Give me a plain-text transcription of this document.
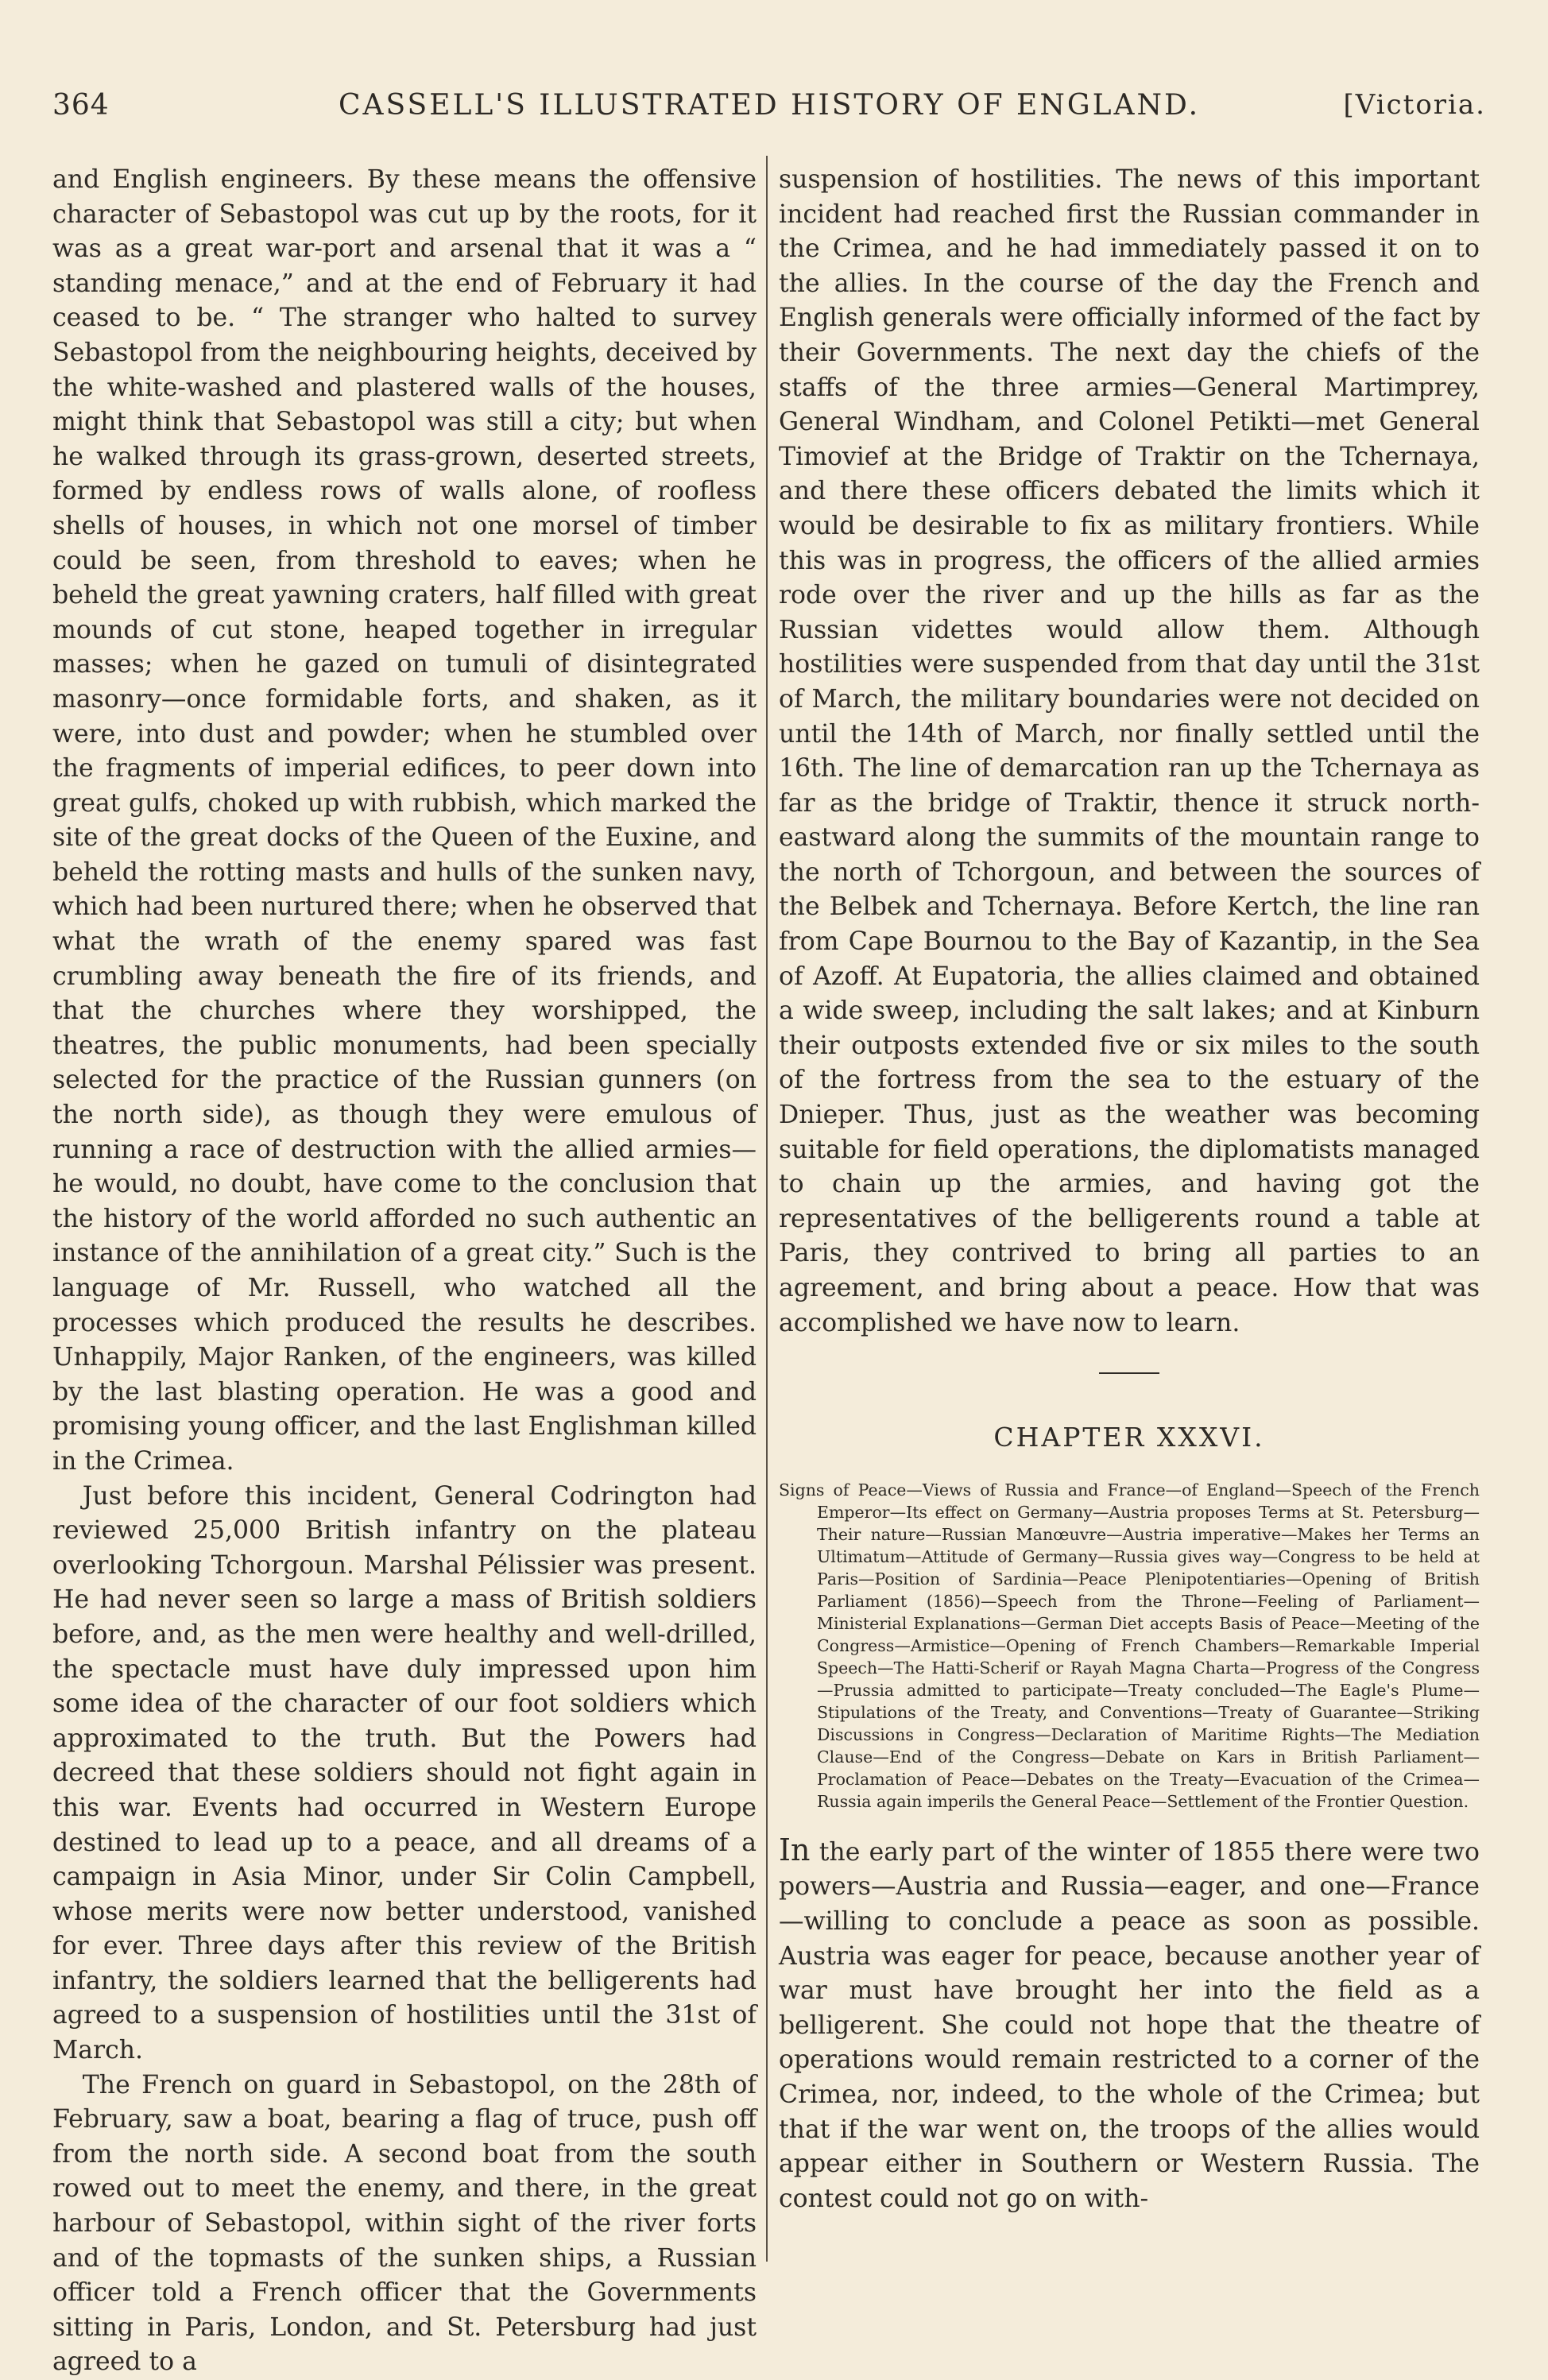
364	CASSELL'S ILLUSTRATED HISTORY OF ENGLAND.	[Victoria.

and English engineers. By these means the offensive character of Sebastopol was cut up by the roots, for it was as a great war-port and arsenal that it was a “ standing menace,” and at the end of February it had ceased to be. “ The stranger who halted to survey Sebastopol from the neighbouring heights, deceived by the white-washed and plastered walls of the houses, might think that Sebastopol was still a city; but when he walked through its grass-grown, deserted streets, formed by endless rows of walls alone, of roofless shells of houses, in which not one morsel of timber could be seen, from threshold to eaves; when he beheld the great yawning craters, half filled with great mounds of cut stone, heaped together in irregular masses; when he gazed on tumuli of disintegrated masonry—once formidable forts, and shaken, as it were, into dust and powder; when he stumbled over the fragments of imperial edifices, to peer down into great gulfs, choked up with rubbish, which marked the site of the great docks of the Queen of the Euxine, and beheld the rotting masts and hulls of the sunken navy, which had been nurtured there; when he observed that what the wrath of the enemy spared was fast crumbling away beneath the fire of its friends, and that the churches where they worshipped, the theatres, the public monuments, had been specially selected for the practice of the Russian gunners (on the north side), as though they were emulous of running a race of destruction with the allied armies—he would, no doubt, have come to the conclusion that the history of the world afforded no such authentic an instance of the annihilation of a great city.” Such is the language of Mr. Russell, who watched all the processes which produced the results he describes. Unhappily, Major Ranken, of the engineers, was killed by the last blasting operation. He was a good and promising young officer, and the last Englishman killed in the Crimea.

Just before this incident, General Codrington had reviewed 25,000 British infantry on the plateau overlooking Tchorgoun. Marshal Pélissier was present. He had never seen so large a mass of British soldiers before, and, as the men were healthy and well-drilled, the spectacle must have duly impressed upon him some idea of the character of our foot soldiers which approximated to the truth. But the Powers had decreed that these soldiers should not fight again in this war. Events had occurred in Western Europe destined to lead up to a peace, and all dreams of a campaign in Asia Minor, under Sir Colin Campbell, whose merits were now better understood, vanished for ever. Three days after this review of the British infantry, the soldiers learned that the belligerents had agreed to a suspension of hostilities until the 31st of March.

The French on guard in Sebastopol, on the 28th of February, saw a boat, bearing a flag of truce, push off from the north side. A second boat from the south rowed out to meet the enemy, and there, in the great harbour of Sebastopol, within sight of the river forts and of the topmasts of the sunken ships, a Russian officer told a French officer that the Governments sitting in Paris, London, and St. Petersburg had just agreed to a

suspension of hostilities. The news of this important incident had reached first the Russian commander in the Crimea, and he had immediately passed it on to the allies. In the course of the day the French and English generals were officially informed of the fact by their Governments. The next day the chiefs of the staffs of the three armies—General Martimprey, General Windham, and Colonel Petikti—met General Timovief at the Bridge of Traktir on the Tchernaya, and there these officers debated the limits which it would be desirable to fix as military frontiers. While this was in progress, the officers of the allied armies rode over the river and up the hills as far as the Russian videttes would allow them. Although hostilities were suspended from that day until the 31st of March, the military boundaries were not decided on until the 14th of March, nor finally settled until the 16th. The line of demarcation ran up the Tchernaya as far as the bridge of Traktir, thence it struck north-eastward along the summits of the mountain range to the north of Tchorgoun, and between the sources of the Belbek and Tchernaya. Before Kertch, the line ran from Cape Bournou to the Bay of Kazantip, in the Sea of Azoff. At Eupatoria, the allies claimed and obtained a wide sweep, including the salt lakes; and at Kinburn their outposts extended five or six miles to the south of the fortress from the sea to the estuary of the Dnieper. Thus, just as the weather was becoming suitable for field operations, the diplomatists managed to chain up the armies, and having got the representatives of the belligerents round a table at Paris, they contrived to bring all parties to an agreement, and bring about a peace. How that was accomplished we have now to learn.

CHAPTER XXXVI.
Signs of Peace—Views of Russia and France—of England—Speech of the French Emperor—Its effect on Germany—Austria proposes Terms at St. Petersburg—Their nature—Russian Manœuvre—Austria imperative—Makes her Terms an Ultimatum—Attitude of Germany—Russia gives way—Congress to be held at Paris—Position of Sardinia—Peace Plenipotentiaries—Opening of British Parliament (1856)—Speech from the Throne—Feeling of Parliament—Ministerial Explanations—German Diet accepts Basis of Peace—Meeting of the Congress—Armistice—Opening of French Chambers—Remarkable Imperial Speech—The Hatti-Scherif or Rayah Magna Charta—Progress of the Congress—Prussia admitted to participate—Treaty concluded—The Eagle's Plume—Stipulations of the Treaty, and Conventions—Treaty of Guarantee—Striking Discussions in Congress—Declaration of Maritime Rights—The Mediation Clause—End of the Congress—Debate on Kars in British Parliament—Proclamation of Peace—Debates on the Treaty—Evacuation of the Crimea—Russia again imperils the General Peace—Settlement of the Frontier Question.

In the early part of the winter of 1855 there were two powers—Austria and Russia—eager, and one—France—willing to conclude a peace as soon as possible. Austria was eager for peace, because another year of war must have brought her into the field as a belligerent. She could not hope that the theatre of operations would remain restricted to a corner of the Crimea, nor, indeed, to the whole of the Crimea; but that if the war went on, the troops of the allies would appear either in Southern or Western Russia. The contest could not go on with-
